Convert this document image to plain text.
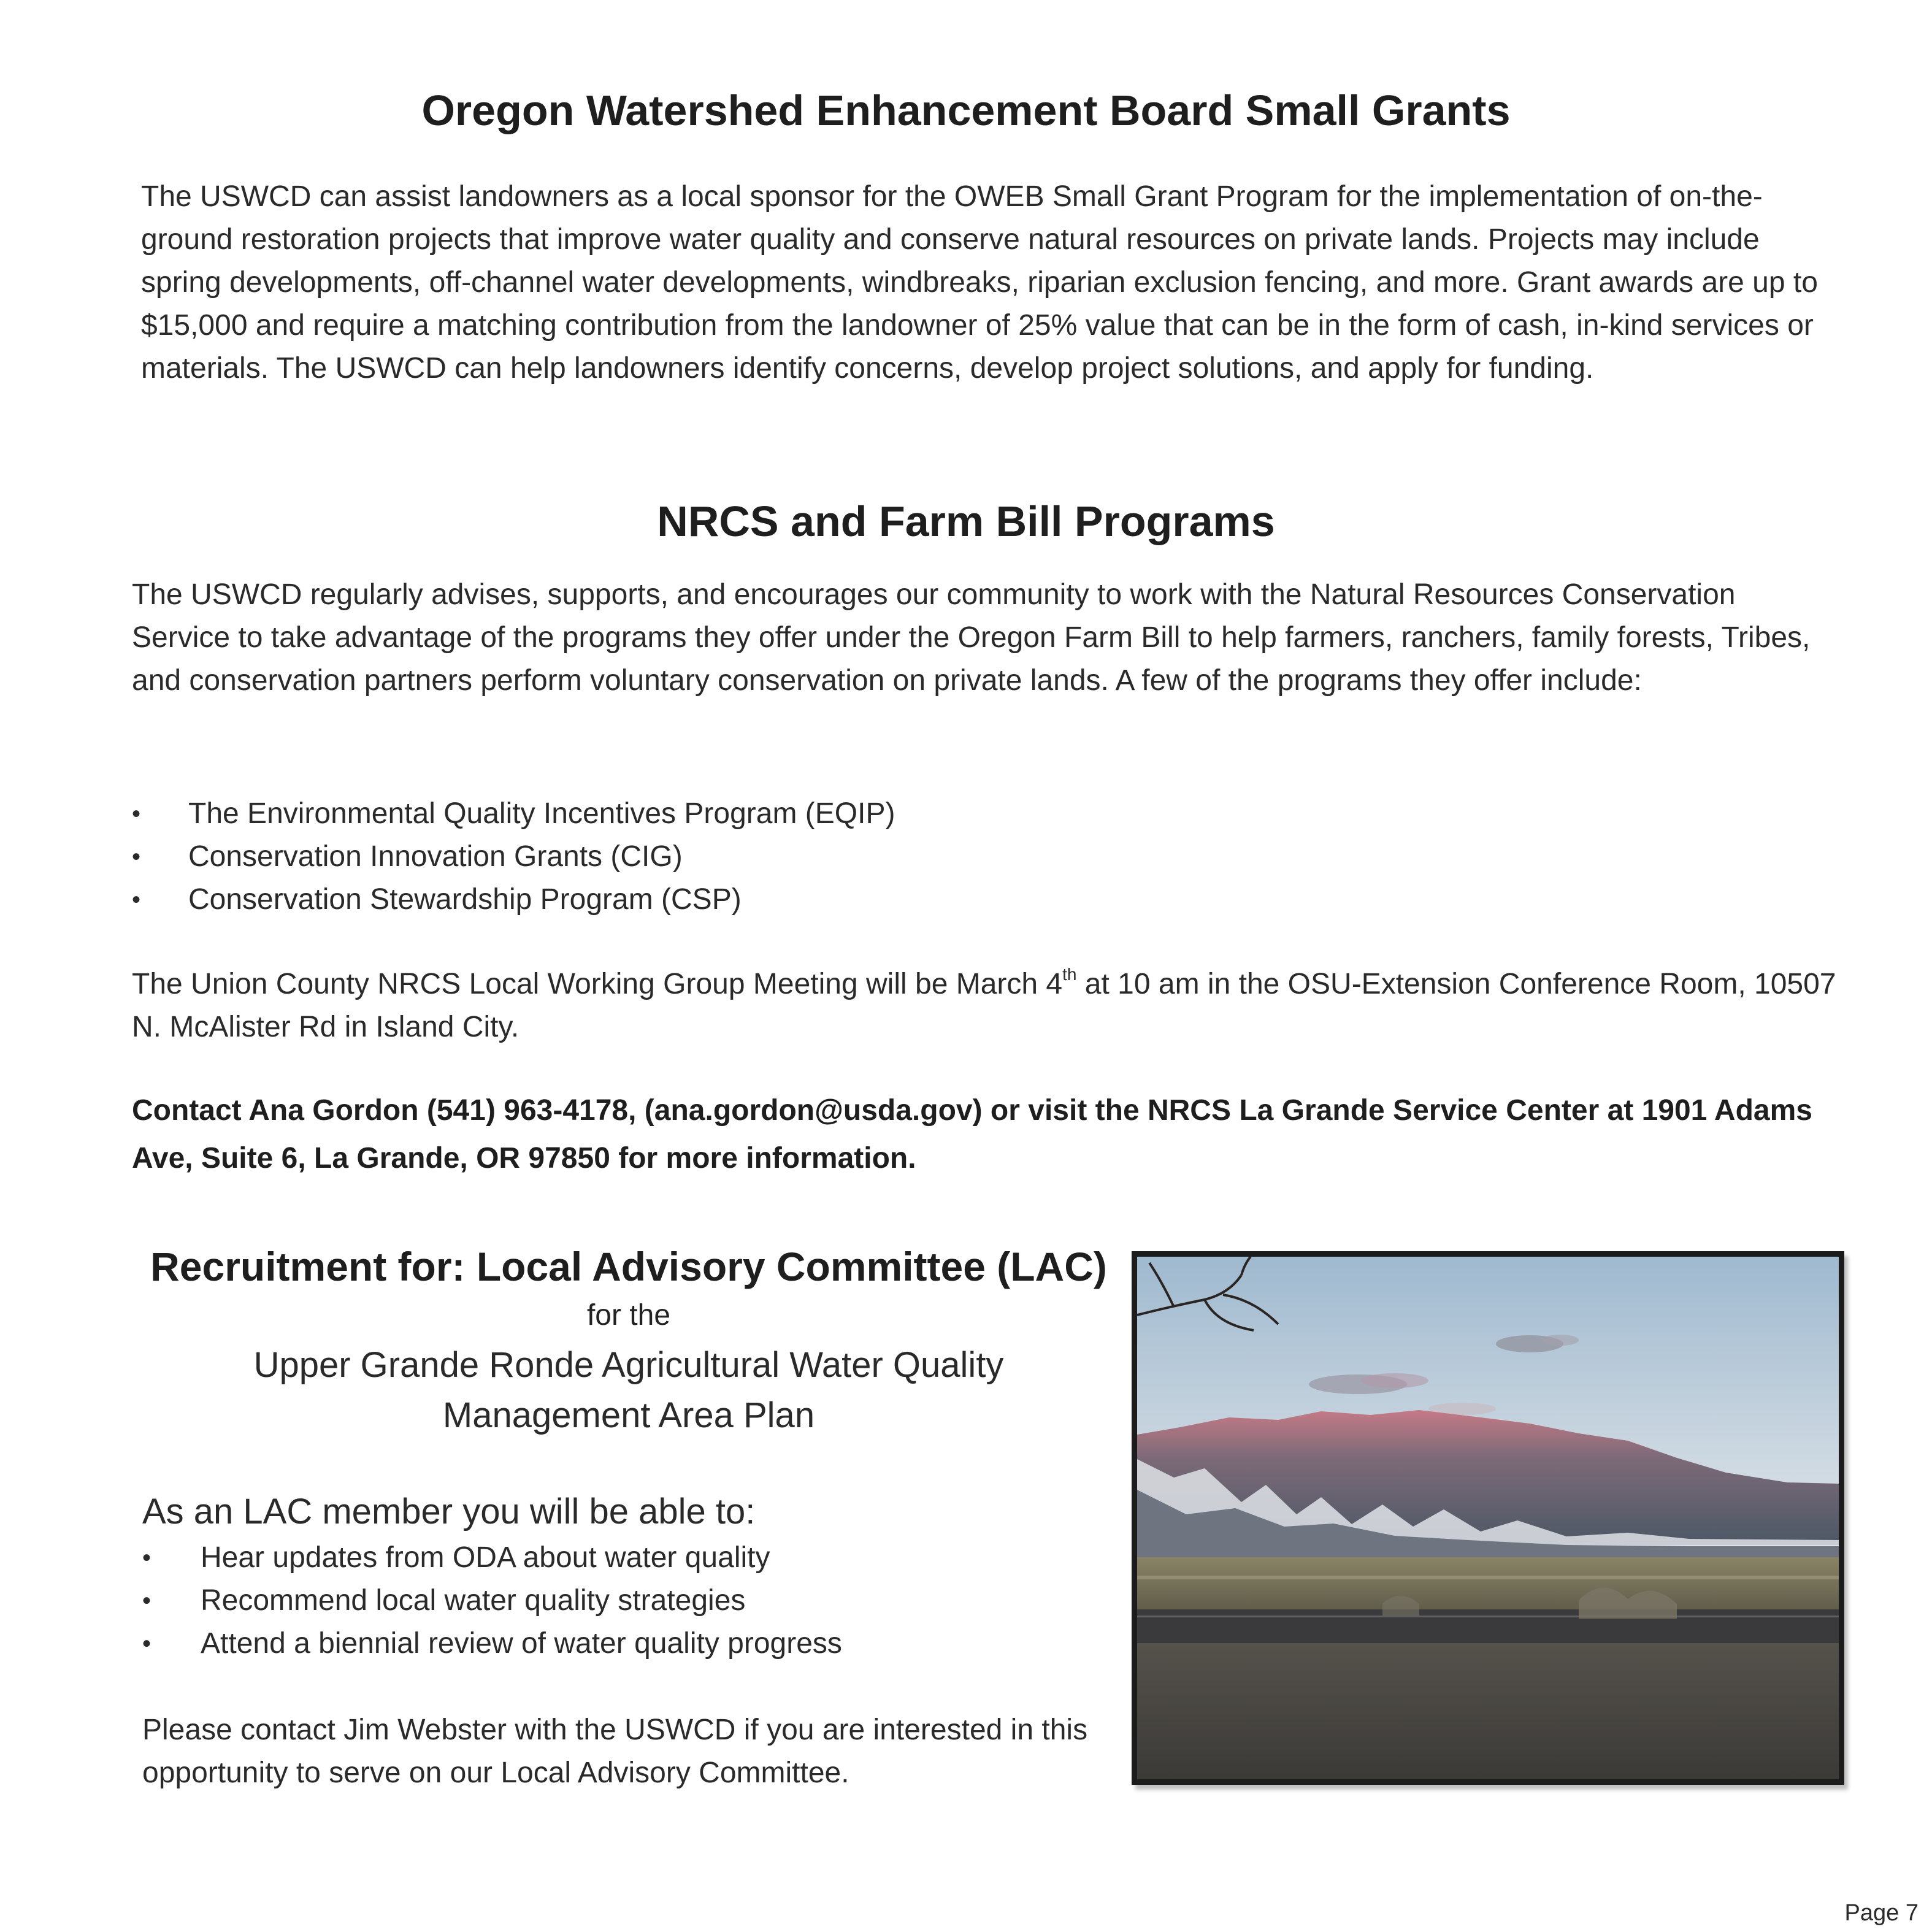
Oregon Watershed Enhancement Board Small Grants

The USWCD can assist landowners as a local sponsor for the OWEB Small Grant Program for the implementation of on-the-ground restoration projects that improve water quality and conserve natural resources on private lands. Projects may include spring developments, off-channel water developments, windbreaks, riparian exclusion fencing, and more. Grant awards are up to $15,000 and require a matching contribution from the landowner of 25% value that can be in the form of cash, in-kind services or materials. The USWCD can help landowners identify concerns, develop project solutions, and apply for funding.

NRCS and Farm Bill Programs

The USWCD regularly advises, supports, and encourages our community to work with the Natural Resources Conservation Service to take advantage of the programs they offer under the Oregon Farm Bill to help farmers, ranchers, family forests, Tribes, and conservation partners perform voluntary conservation on private lands. A few of the programs they offer include:

• The Environmental Quality Incentives Program (EQIP)
• Conservation Innovation Grants (CIG)
• Conservation Stewardship Program (CSP)

The Union County NRCS Local Working Group Meeting will be March 4th at 10 am in the OSU-Extension Conference Room, 10507 N. McAlister Rd in Island City.

Contact Ana Gordon (541) 963-4178, (ana.gordon@usda.gov) or visit the NRCS La Grande Service Center at 1901 Adams Ave, Suite 6, La Grande, OR 97850 for more information.

Recruitment for: Local Advisory Committee (LAC)
for the
Upper Grande Ronde Agricultural Water Quality
Management Area Plan
As an LAC member you will be able to:
• Hear updates from ODA about water quality
• Recommend local water quality strategies
• Attend a biennial review of water quality progress

Please contact Jim Webster with the USWCD if you are interested in this opportunity to serve on our Local Advisory Committee.

Page 7
